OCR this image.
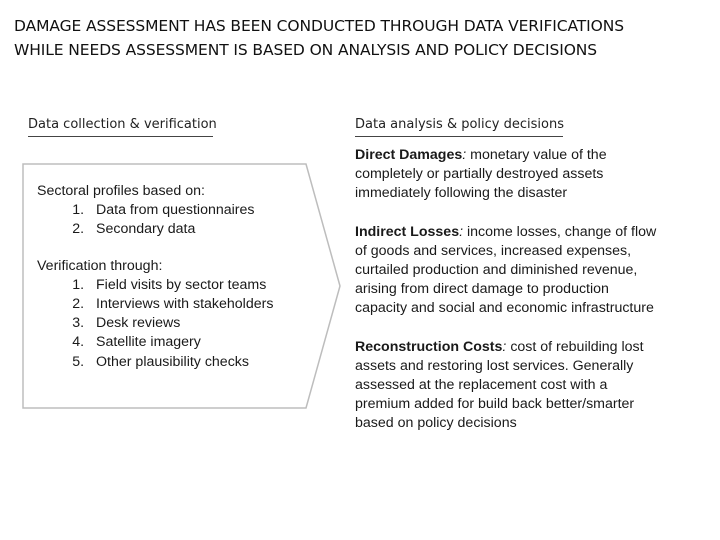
DAMAGE ASSESSMENT HAS BEEN CONDUCTED THROUGH DATA VERIFICATIONS
WHILE NEEDS ASSESSMENT IS BASED ON ANALYSIS AND POLICY DECISIONS
Data collection & verification	Data analysis & policy decisions
Sectoral profiles based on:
1. Data from questionnaires
2. Secondary data
Verification through:
1. Field visits by sector teams
2. Interviews with stakeholders
3. Desk reviews
4. Satellite imagery
5. Other plausibility checks
Direct Damages: monetary value of the
completely or partially destroyed assets
immediately following the disaster
Indirect Losses: income losses, change of flow
of goods and services, increased expenses,
curtailed production and diminished revenue,
arising from direct damage to production
capacity and social and economic infrastructure
Reconstruction Costs: cost of rebuilding lost
assets and restoring lost services. Generally
assessed at the replacement cost with a
premium added for build back better/smarter
based on policy decisions
